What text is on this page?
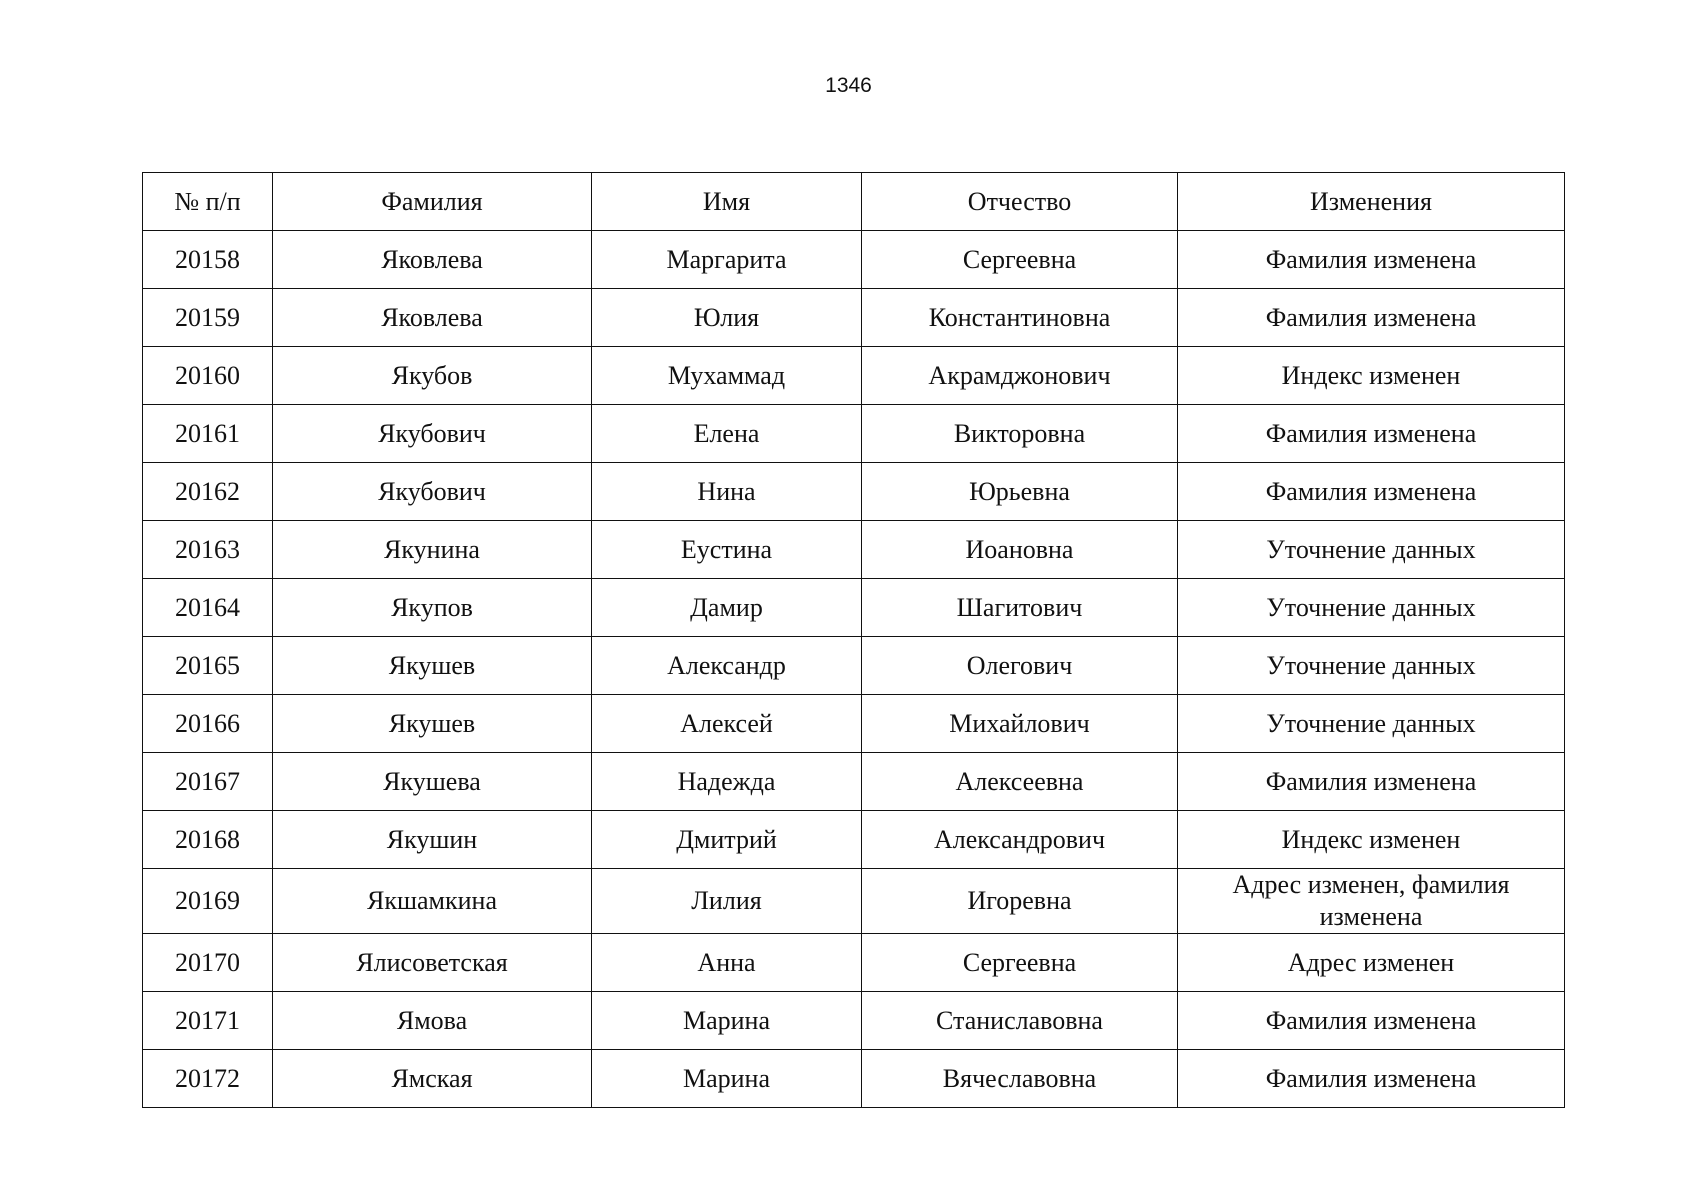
1346
№ п/п	Фамилия	Имя	Отчество	Изменения
20158	Яковлева	Маргарита	Сергеевна	Фамилия изменена
20159	Яковлева	Юлия	Константиновна	Фамилия изменена
20160	Якубов	Мухаммад	Акрамджонович	Индекс изменен
20161	Якубович	Елена	Викторовна	Фамилия изменена
20162	Якубович	Нина	Юрьевна	Фамилия изменена
20163	Якунина	Еустина	Иоановна	Уточнение данных
20164	Якупов	Дамир	Шагитович	Уточнение данных
20165	Якушев	Александр	Олегович	Уточнение данных
20166	Якушев	Алексей	Михайлович	Уточнение данных
20167	Якушева	Надежда	Алексеевна	Фамилия изменена
20168	Якушин	Дмитрий	Александрович	Индекс изменен
20169	Якшамкина	Лилия	Игоревна	Адрес изменен, фамилия изменена
20170	Ялисоветская	Анна	Сергеевна	Адрес изменен
20171	Ямова	Марина	Станиславовна	Фамилия изменена
20172	Ямская	Марина	Вячеславовна	Фамилия изменена
